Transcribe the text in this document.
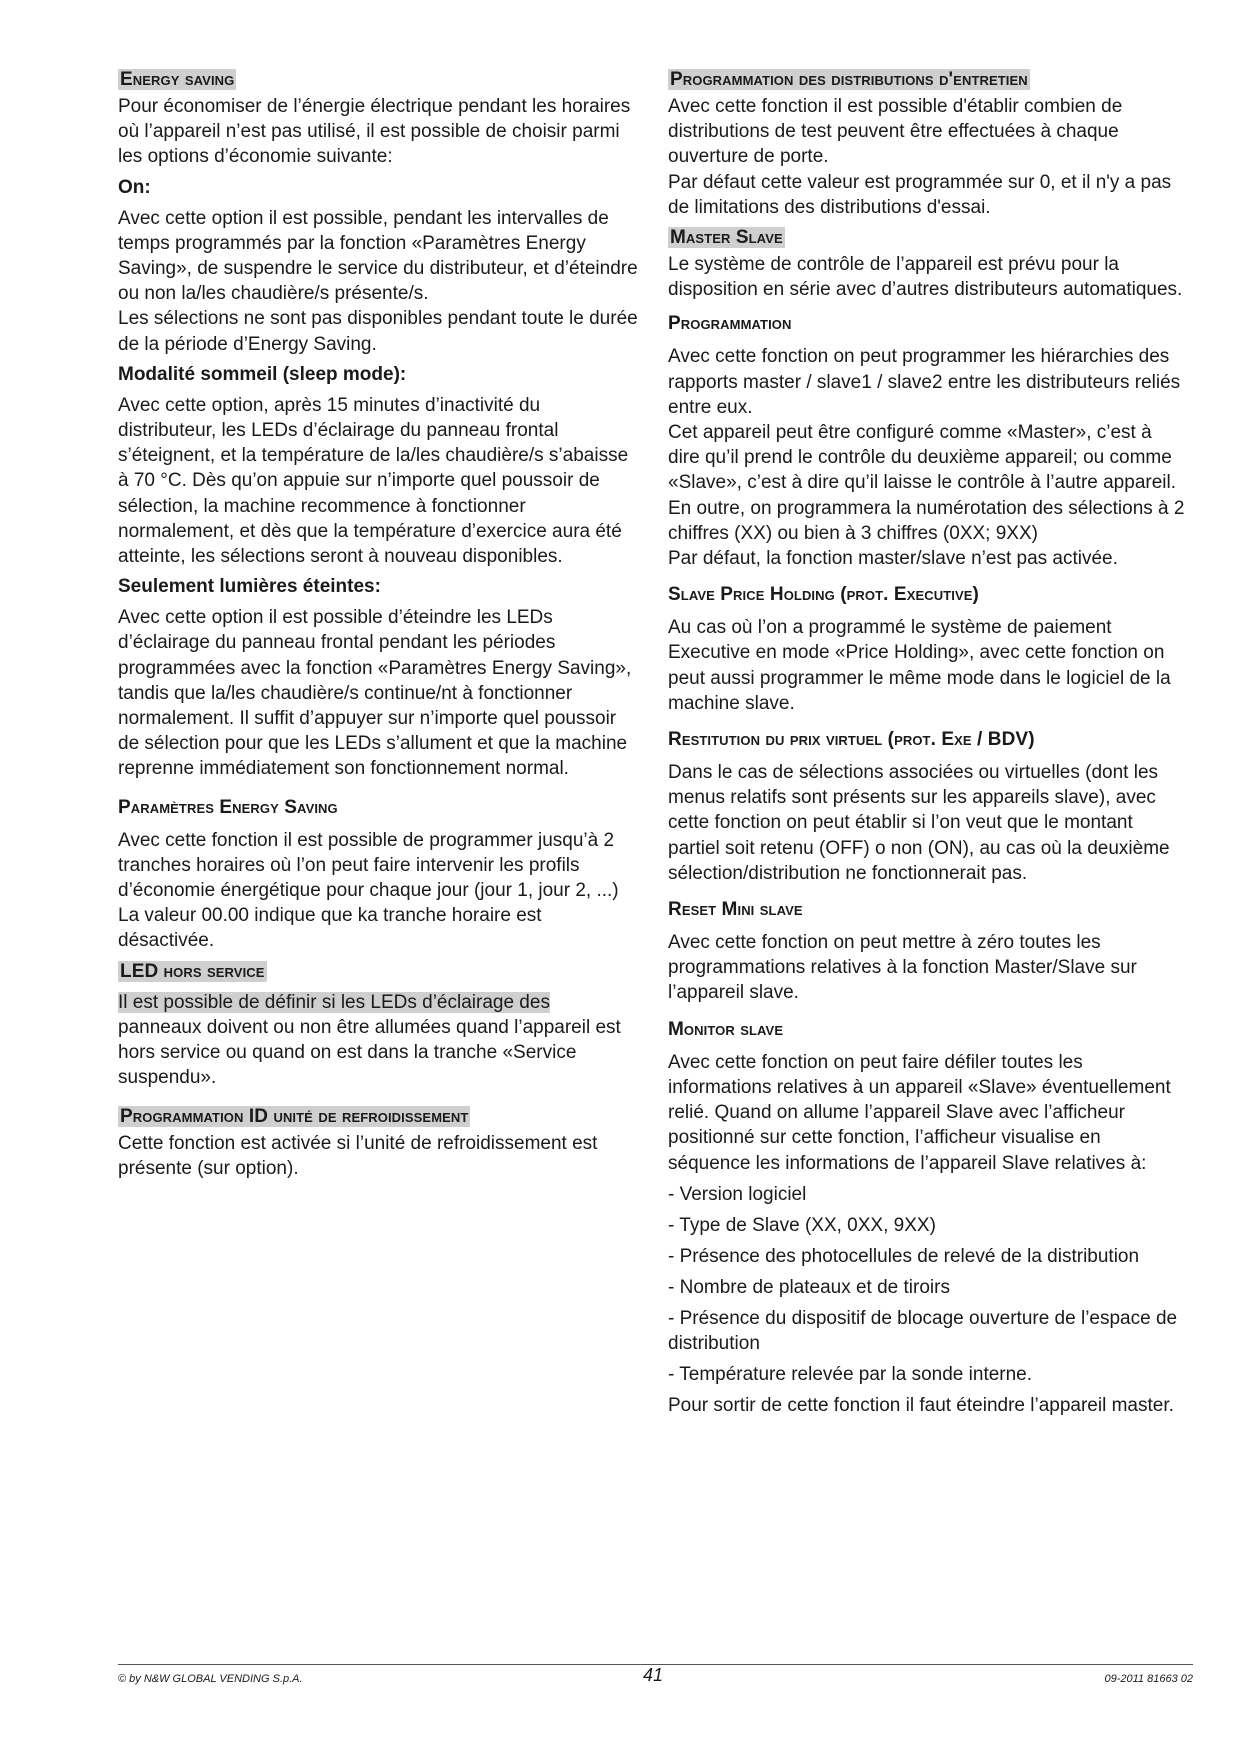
Energy saving

Pour économiser de l’énergie électrique pendant les horaires où l’appareil n’est pas utilisé, il est possible de choisir parmi les options d’économie suivante:

On:

Avec cette option il est possible, pendant les intervalles de temps programmés par la fonction «Paramètres Energy Saving», de suspendre le service du distributeur, et d’éteindre ou non la/les chaudière/s présente/s.

Les sélections ne sont pas disponibles pendant toute le durée de la période d’Energy Saving.

Modalité sommeil (sleep mode):

Avec cette option, après 15 minutes d’inactivité du distributeur, les LEDs d’éclairage du panneau frontal s’éteignent, et la température de la/les chaudière/s s’abaisse à 70 °C. Dès qu’on appuie sur n’importe quel poussoir de sélection, la machine recommence à fonctionner normalement, et dès que la température d’exercice aura été atteinte, les sélections seront à nouveau disponibles.

Seulement lumières éteintes:

Avec cette option il est possible d’éteindre les LEDs d’éclairage du panneau frontal pendant les périodes programmées avec la fonction «Paramètres Energy Saving», tandis que la/les chaudière/s continue/nt à fonctionner normalement. Il suffit d’appuyer sur n’importe quel poussoir de sélection pour que les LEDs s’allument et que la machine reprenne immédiatement son fonctionnement normal.

Paramètres Energy Saving

Avec cette fonction il est possible de programmer jusqu’à 2 tranches horaires où l’on peut faire intervenir les profils d’économie énergétique pour chaque jour (jour 1, jour 2, ...)

La valeur 00.00 indique que ka tranche horaire est désactivée.

LED hors service

Il est possible de définir si les LEDs d’éclairage des

panneaux doivent ou non être allumées quand l’appareil est hors service ou quand on est dans la tranche «Service suspendu».

Programmation ID unité de refroidissement

Cette fonction est activée si l’unité de refroidissement est présente (sur option).

Programmation des distributions d'entretien

Avec cette fonction il est possible d'établir combien de distributions de test peuvent être effectuées à chaque ouverture de porte.

Par défaut cette valeur est programmée sur 0, et il n'y a pas de limitations des distributions d'essai.

Master Slave

Le système de contrôle de l’appareil est prévu pour la disposition en série avec d’autres distributeurs automatiques.

Programmation

Avec cette fonction on peut programmer les hiérarchies des rapports master / slave1 / slave2 entre les distributeurs reliés entre eux.

Cet appareil peut être configuré comme «Master», c’est à dire qu’il prend le contrôle du deuxième appareil; ou comme «Slave», c’est à dire qu’il laisse le contrôle à l’autre appareil.

En outre, on programmera la numérotation des sélections à 2 chiffres (XX) ou bien à 3 chiffres (0XX; 9XX)

Par défaut, la fonction master/slave n’est pas activée.

Slave Price Holding (prot. Executive)

Au cas où l’on a programmé le système de paiement Executive en mode «Price Holding», avec cette fonction on peut aussi programmer le même mode dans le logiciel de la machine slave.

Restitution du prix virtuel (prot. Exe / BDV)

Dans le cas de sélections associées ou virtuelles (dont les menus relatifs sont présents sur les appareils slave), avec cette fonction on peut établir si l’on veut que le montant partiel soit retenu (OFF) o non (ON), au cas où la deuxième sélection/distribution ne fonctionnerait pas.

Reset Mini slave

Avec cette fonction on peut mettre à zéro toutes les programmations relatives à la fonction Master/Slave sur l’appareil slave.

Monitor slave

Avec cette fonction on peut faire défiler toutes les informations relatives à un appareil «Slave» éventuellement relié. Quand on allume l’appareil Slave avec l’afficheur positionné sur cette fonction, l’afficheur visualise en séquence les informations de l’appareil Slave relatives à:

- Version logiciel
- Type de Slave (XX, 0XX, 9XX)
- Présence des photocellules de relevé de la distribution
- Nombre de plateaux et de tiroirs
- Présence du dispositif de blocage ouverture de l’espace de distribution
- Température relevée par la sonde interne.

Pour sortir de cette fonction il faut éteindre l’appareil master.

© by N&W GLOBAL VENDING S.p.A.	41	09-2011 81663 02
